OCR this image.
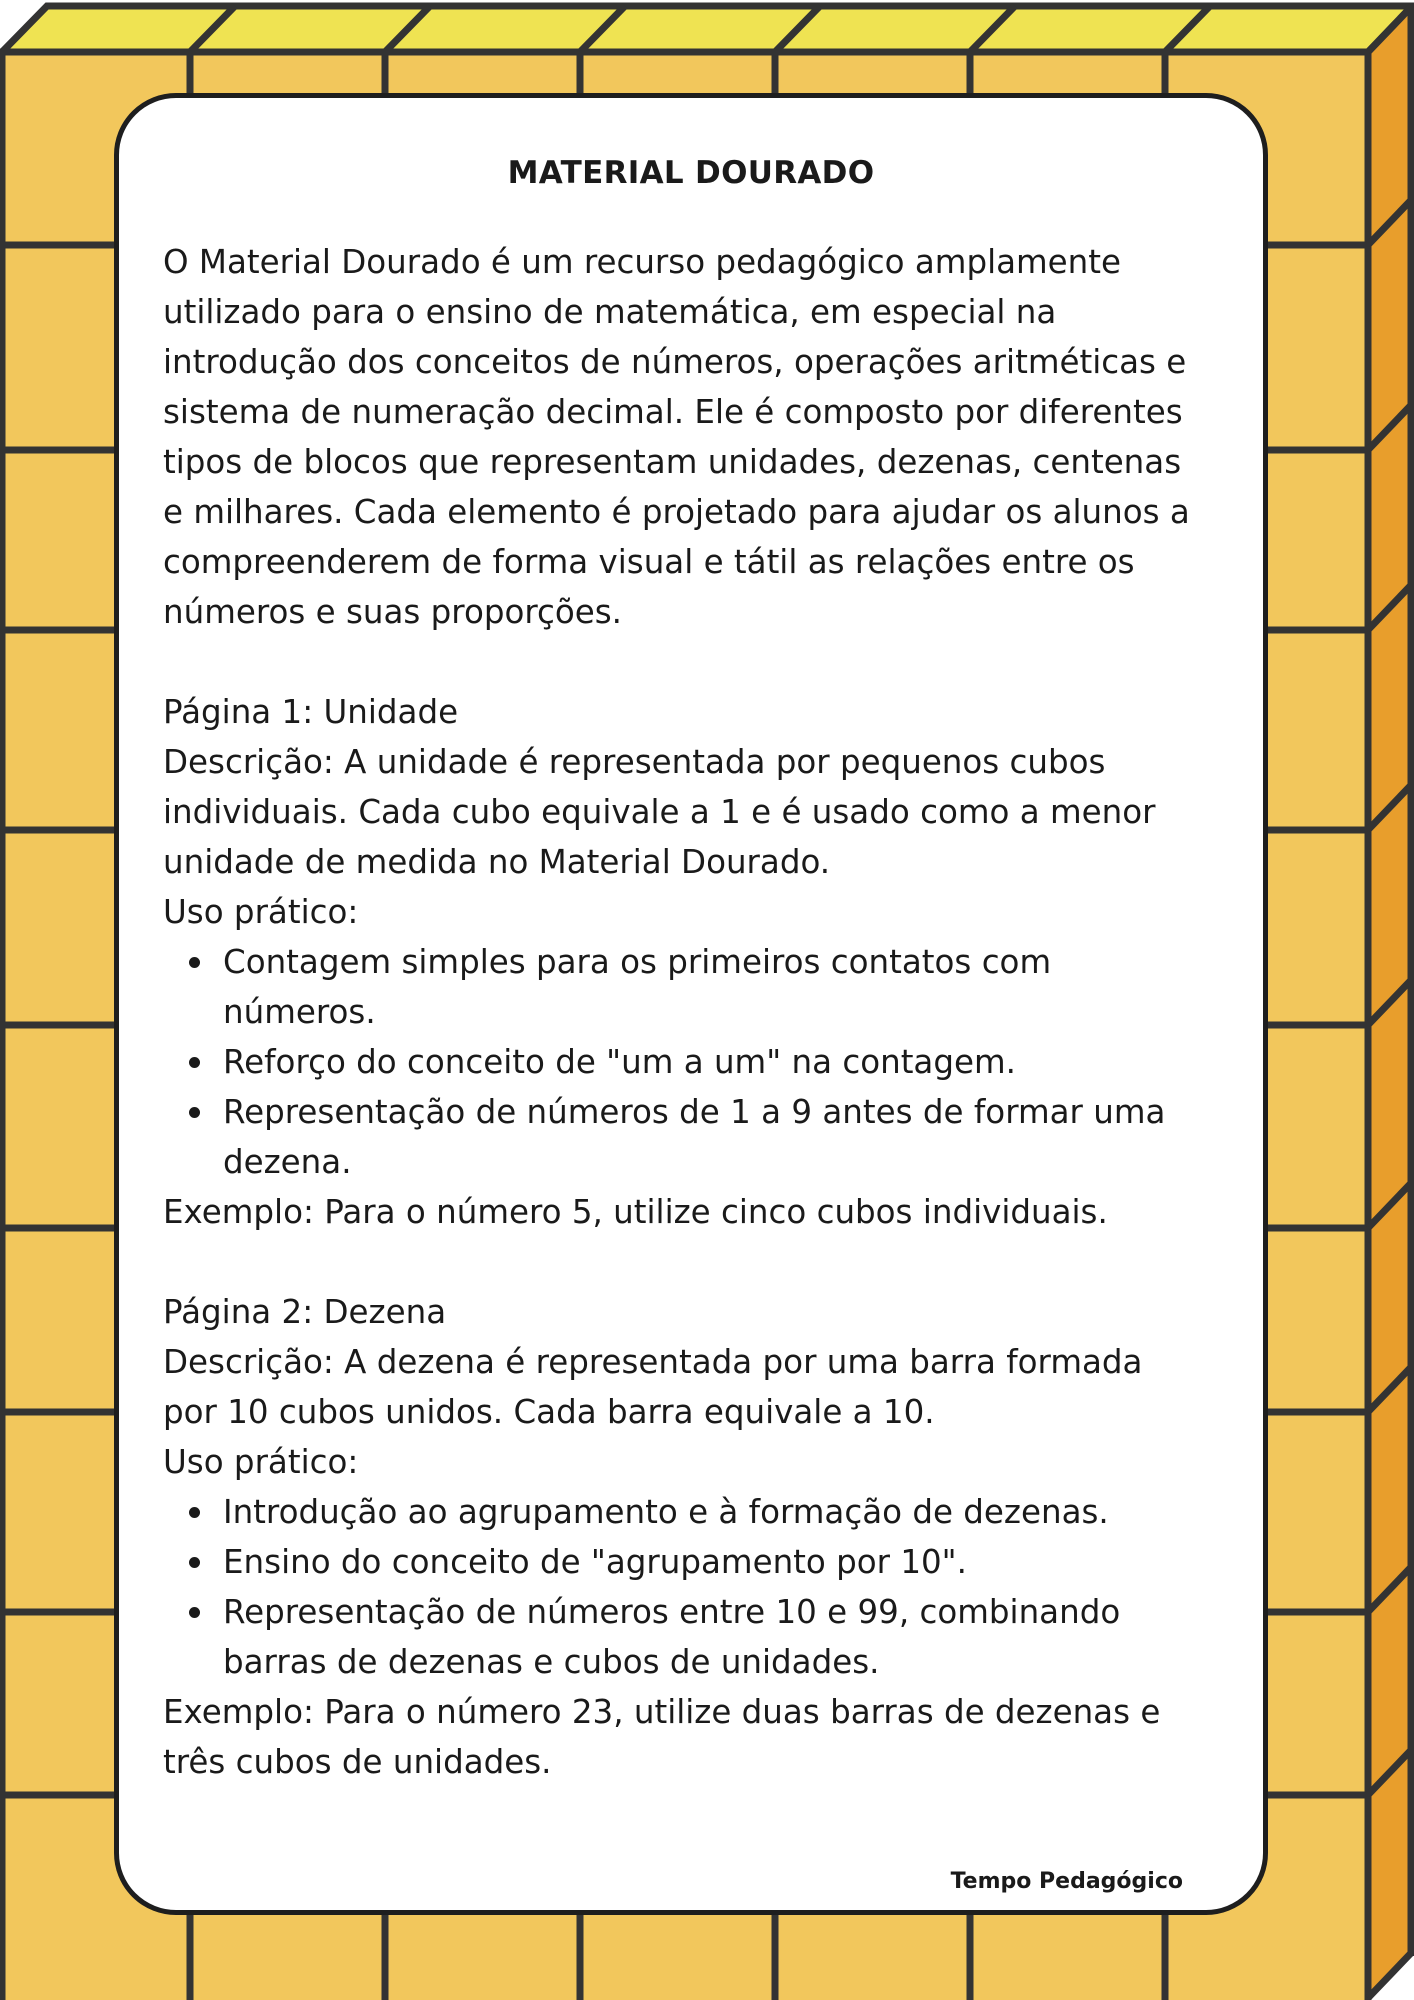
MATERIAL DOURADO

O Material Dourado é um recurso pedagógico amplamente utilizado para o ensino de matemática, em especial na introdução dos conceitos de números, operações aritméticas e sistema de numeração decimal. Ele é composto por diferentes tipos de blocos que representam unidades, dezenas, centenas e milhares. Cada elemento é projetado para ajudar os alunos a compreenderem de forma visual e tátil as relações entre os números e suas proporções.

Página 1: Unidade

Descrição: A unidade é representada por pequenos cubos individuais. Cada cubo equivale a 1 e é usado como a menor unidade de medida no Material Dourado.

Uso prático:

Contagem simples para os primeiros contatos com números.
Reforço do conceito de "um a um" na contagem.
Representação de números de 1 a 9 antes de formar uma dezena.

Exemplo: Para o número 5, utilize cinco cubos individuais.

Página 2: Dezena

Descrição: A dezena é representada por uma barra formada por 10 cubos unidos. Cada barra equivale a 10.

Uso prático:

Introdução ao agrupamento e à formação de dezenas.
Ensino do conceito de "agrupamento por 10".
Representação de números entre 10 e 99, combinando barras de dezenas e cubos de unidades.

Exemplo: Para o número 23, utilize duas barras de dezenas e três cubos de unidades.

Tempo Pedagógico
